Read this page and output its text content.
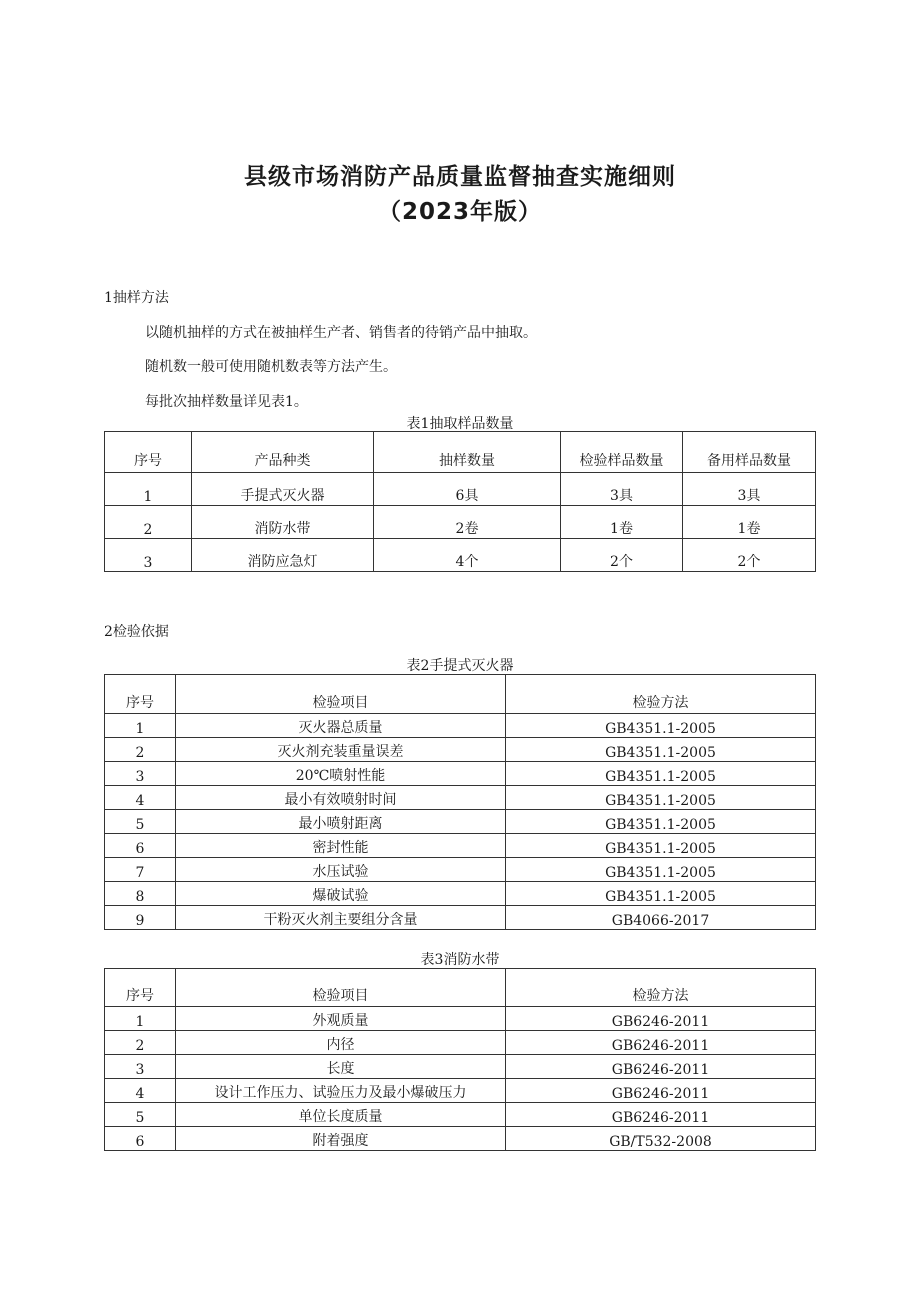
县级市场消防产品质量监督抽查实施细则
（2023年版）
1抽样方法
以随机抽样的方式在被抽样生产者、销售者的待销产品中抽取。
随机数一般可使用随机数表等方法产生。
每批次抽样数量详见表1。
表1抽取样品数量
序号	产品种类	抽样数量	检验样品数量	备用样品数量
1	手提式灭火器	6具	3具	3具
2	消防水带	2卷	1卷	1卷
3	消防应急灯	4个	2个	2个
2检验依据
表2手提式灭火器
序号	检验项目	检验方法
1	灭火器总质量	GB4351.1-2005
2	灭火剂充装重量误差	GB4351.1-2005
3	20℃喷射性能	GB4351.1-2005
4	最小有效喷射时间	GB4351.1-2005
5	最小喷射距离	GB4351.1-2005
6	密封性能	GB4351.1-2005
7	水压试验	GB4351.1-2005
8	爆破试验	GB4351.1-2005
9	干粉灭火剂主要组分含量	GB4066-2017
表3消防水带
序号	检验项目	检验方法
1	外观质量	GB6246-2011
2	内径	GB6246-2011
3	长度	GB6246-2011
4	设计工作压力、试验压力及最小爆破压力	GB6246-2011
5	单位长度质量	GB6246-2011
6	附着强度	GB/T532-2008
